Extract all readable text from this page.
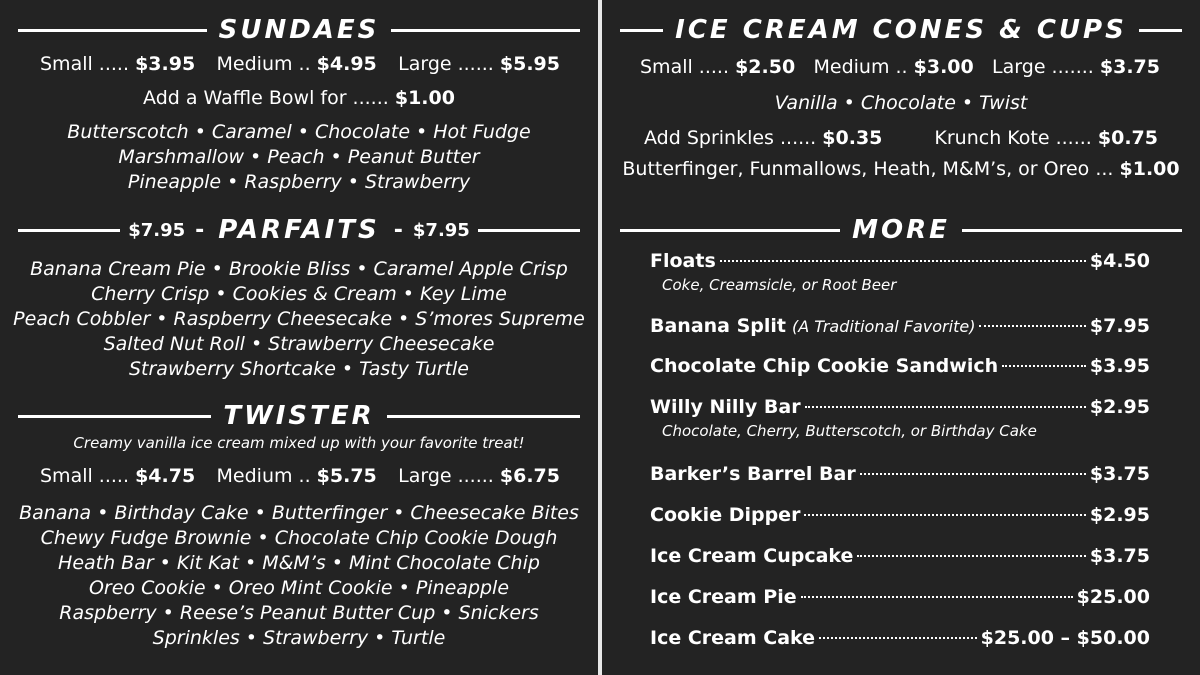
SUNDAES
Small ..... $3.95 Medium .. $4.95 Large ...... $5.95
Add a Waffle Bowl for ...... $1.00
Butterscotch • Caramel • Chocolate • Hot Fudge
Marshmallow • Peach • Peanut Butter
Pineapple • Raspberry • Strawberry
$7.95 - PARFAITS - $7.95
Banana Cream Pie • Brookie Bliss • Caramel Apple Crisp
Cherry Crisp • Cookies & Cream • Key Lime
Peach Cobbler • Raspberry Cheesecake • S’mores Supreme
Salted Nut Roll • Strawberry Cheesecake
Strawberry Shortcake • Tasty Turtle
TWISTER
Creamy vanilla ice cream mixed up with your favorite treat!
Small ..... $4.75 Medium .. $5.75 Large ...... $6.75
Banana • Birthday Cake • Butterfinger • Cheesecake Bites
Chewy Fudge Brownie • Chocolate Chip Cookie Dough
Heath Bar • Kit Kat • M&M’s • Mint Chocolate Chip
Oreo Cookie • Oreo Mint Cookie • Pineapple
Raspberry • Reese’s Peanut Butter Cup • Snickers
Sprinkles • Strawberry • Turtle
ICE CREAM CONES & CUPS
Small ..... $2.50 Medium .. $3.00 Large ....... $3.75
Vanilla • Chocolate • Twist
Add Sprinkles ...... $0.35	Krunch Kote ...... $0.75
Butterfinger, Funmallows, Heath, M&M’s, or Oreo ... $1.00
MORE
Floats	$4.50
Coke, Creamsicle, or Root Beer
Banana Split (A Traditional Favorite)	$7.95
Chocolate Chip Cookie Sandwich	$3.95
Willy Nilly Bar	$2.95
Chocolate, Cherry, Butterscotch, or Birthday Cake
Barker’s Barrel Bar	$3.75
Cookie Dipper	$2.95
Ice Cream Cupcake	$3.75
Ice Cream Pie	$25.00
Ice Cream Cake	$25.00 – $50.00
